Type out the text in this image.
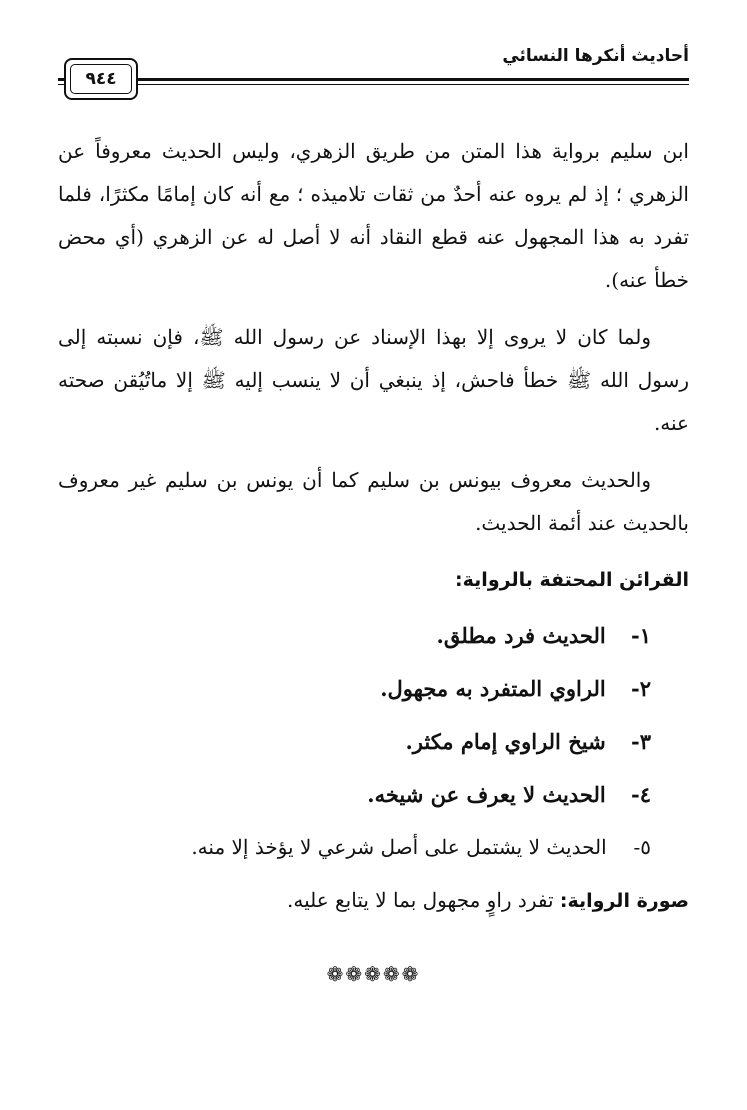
أحاديث أنكرها النسائي
٩٤٤

ابن سليم برواية هذا المتن من طريق الزهري، وليس الحديث معروفاً عن الزهري ؛ إذ لم يروه عنه أحدٌ من ثقات تلاميذه ؛ مع أنه كان إمامًا مكثرًا، فلما تفرد به هذا المجهول عنه قطع النقاد أنه لا أصل له عن الزهري (أي محض خطأ عنه).

ولما كان لا يروى إلا بهذا الإسناد عن رسول الله ﷺ، فإن نسبته إلى رسول الله ﷺ خطأ فاحش، إذ ينبغي أن لا ينسب إليه ﷺ إلا ماتُيُقن صحته عنه.

والحديث معروف بيونس بن سليم كما أن يونس بن سليم غير معروف بالحديث عند أئمة الحديث.

القرائن المحتفة بالرواية:
١- الحديث فرد مطلق.
٢- الراوي المتفرد به مجهول.
٣- شيخ الراوي إمام مكثر.
٤- الحديث لا يعرف عن شيخه.
٥- الحديث لا يشتمل على أصل شرعي لا يؤخذ إلا منه.
صورة الرواية: تفرد راوٍ مجهول بما لا يتابع عليه.
❁❁❁❁❁
